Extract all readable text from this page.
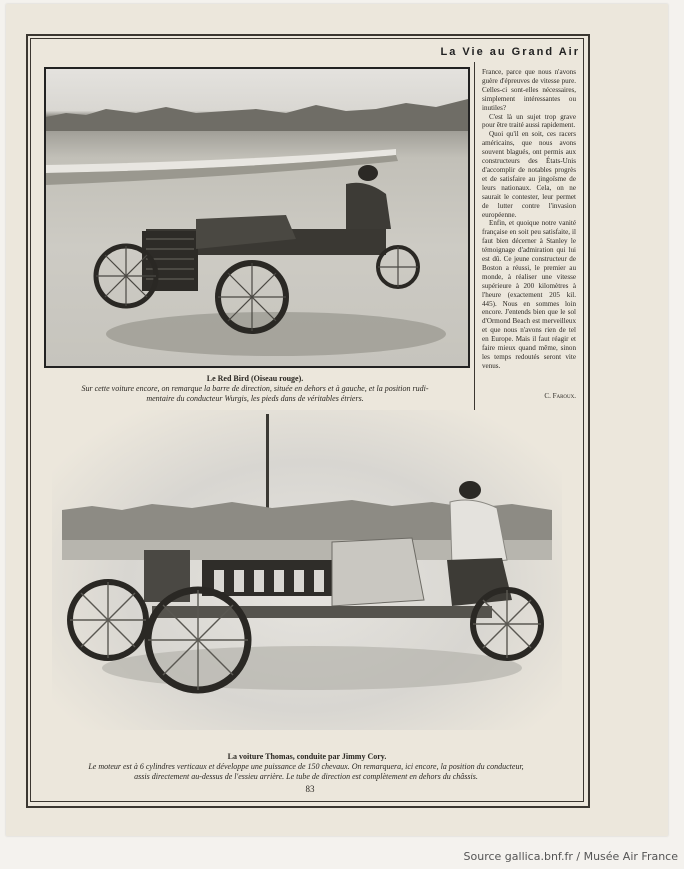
La Vie au Grand Air
Le Red Bird (Oiseau rouge).
Sur cette voiture encore, on remarque la barre de direction, située en dehors et à gauche, et la position rudi-
mentaire du conducteur Wurgis, les pieds dans de véritables étriers.

France, parce que nous n'avons guère d'épreuves de vitesse pure. Celles-ci sont-elles nécessaires, simplement intéressantes ou inutiles?

C'est là un sujet trop grave pour être traité aussi rapidement.

Quoi qu'il en soit, ces racers américains, que nous avons souvent blagués, ont permis aux constructeurs des États-Unis d'accomplir de notables progrès et de satisfaire au jingoïsme de leurs nationaux. Cela, on ne saurait le contester, leur permet de lutter contre l'invasion européenne.

Enfin, et quoique notre vanité française en soit peu satisfaite, il faut bien décerner à Stanley le témoignage d'admiration qui lui est dû. Ce jeune constructeur de Boston a réussi, le premier au monde, à réaliser une vitesse supérieure à 200 kilomètres à l'heure (exactement 205 kil. 445). Nous en sommes loin encore. J'entends bien que le sol d'Ormond Beach est merveilleux et que nous n'avons rien de tel en Europe. Mais il faut réagir et faire mieux quand même, sinon les temps redoutés seront vite venus.

C. Faroux.
La voiture Thomas, conduite par Jimmy Cory.
Le moteur est à 6 cylindres verticaux et développe une puissance de 150 chevaux. On remarquera, ici encore, la position du conducteur,
assis directement au-dessus de l'essieu arrière. Le tube de direction est complètement en dehors du châssis.
83
Source gallica.bnf.fr / Musée Air France
